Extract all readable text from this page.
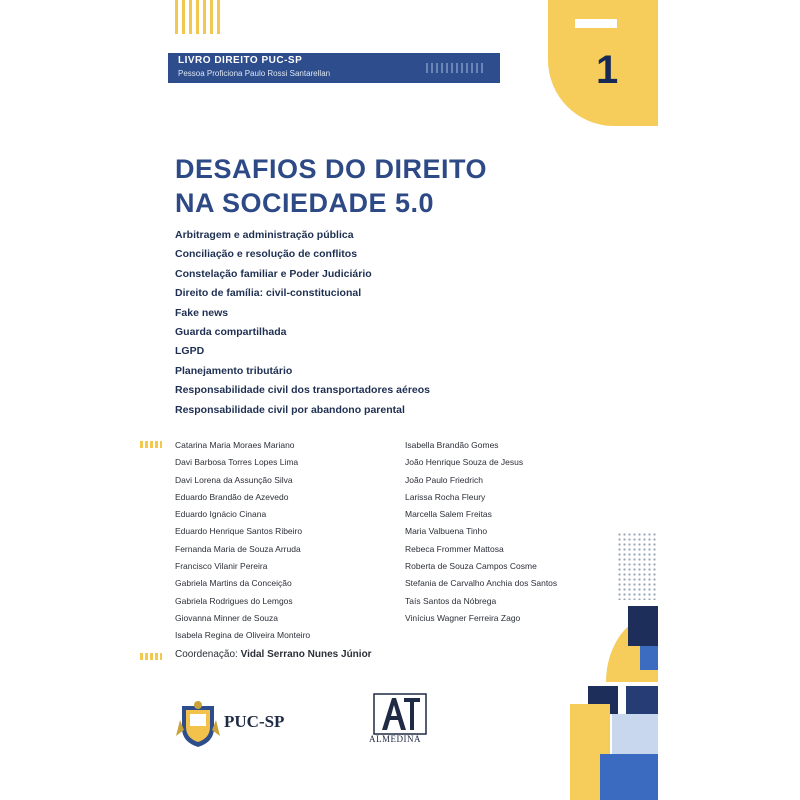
1
LIVRO DIREITO PUC-SP
Pessoa Proficiona Paulo Rossi Santarellan
DESAFIOS DO DIREITO
NA SOCIEDADE 5.0
Arbitragem e administração pública
Conciliação e resolução de conflitos
Constelação familiar e Poder Judiciário
Direito de família: civil-constitucional
Fake news
Guarda compartilhada
LGPD
Planejamento tributário
Responsabilidade civil dos transportadores aéreos
Responsabilidade civil por abandono parental
Catarina Maria Moraes Mariano
Davi Barbosa Torres Lopes Lima
Davi Lorena da Assunção Silva
Eduardo Brandão de Azevedo
Eduardo Ignácio Cinana
Eduardo Henrique Santos Ribeiro
Fernanda Maria de Souza Arruda
Francisco Vilanir Pereira
Gabriela Martins da Conceição
Gabriela Rodrigues do Lemgos
Giovanna Minner de Souza
Isabela Regina de Oliveira Monteiro
Isabella Brandão Gomes
João Henrique Souza de Jesus
João Paulo Friedrich
Larissa Rocha Fleury
Marcella Salem Freitas
Maria Valbuena Tinho
Rebeca Frommer Mattosa
Roberta de Souza Campos Cosme
Stefania de Carvalho Anchia dos Santos
Taís Santos da Nóbrega
Vinícius Wagner Ferreira Zago
Coordenação: Vidal Serrano Nunes Júnior
PUC-SP
ALMEDINA
